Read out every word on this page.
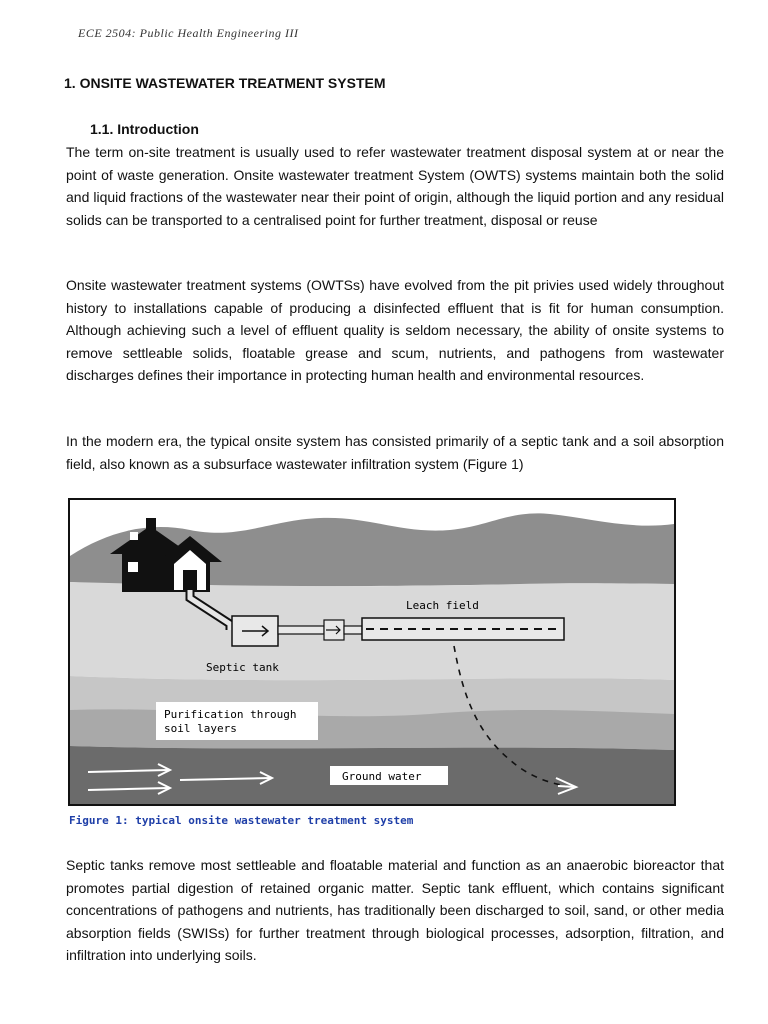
ECE 2504: Public Health Engineering III
1. ONSITE WASTEWATER TREATMENT SYSTEM
1.1. Introduction

The term on-site treatment is usually used to refer wastewater treatment disposal system at or near the point of waste generation. Onsite wastewater treatment System (OWTS) systems maintain both the solid and liquid fractions of the wastewater near their point of origin, although the liquid portion and any residual solids can be transported to a centralised point for further treatment, disposal or reuse

Onsite wastewater treatment systems (OWTSs) have evolved from the pit privies used widely throughout history to installations capable of producing a disinfected effluent that is fit for human consumption. Although achieving such a level of effluent quality is seldom necessary, the ability of onsite systems to remove settleable solids, floatable grease and scum, nutrients, and pathogens from wastewater discharges defines their importance in protecting human health and environmental resources.

In the modern era, the typical onsite system has consisted primarily of a septic tank and a soil absorption field, also known as a subsurface wastewater infiltration system (Figure 1)

Leach field
Septic tank
Purification through
soil layers
Ground water
Figure 1: typical onsite wastewater treatment system

Septic tanks remove most settleable and floatable material and function as an anaerobic bioreactor that promotes partial digestion of retained organic matter. Septic tank effluent, which contains significant concentrations of pathogens and nutrients, has traditionally been discharged to soil, sand, or other media absorption fields (SWISs) for further treatment through biological processes, adsorption, filtration, and infiltration into underlying soils.
